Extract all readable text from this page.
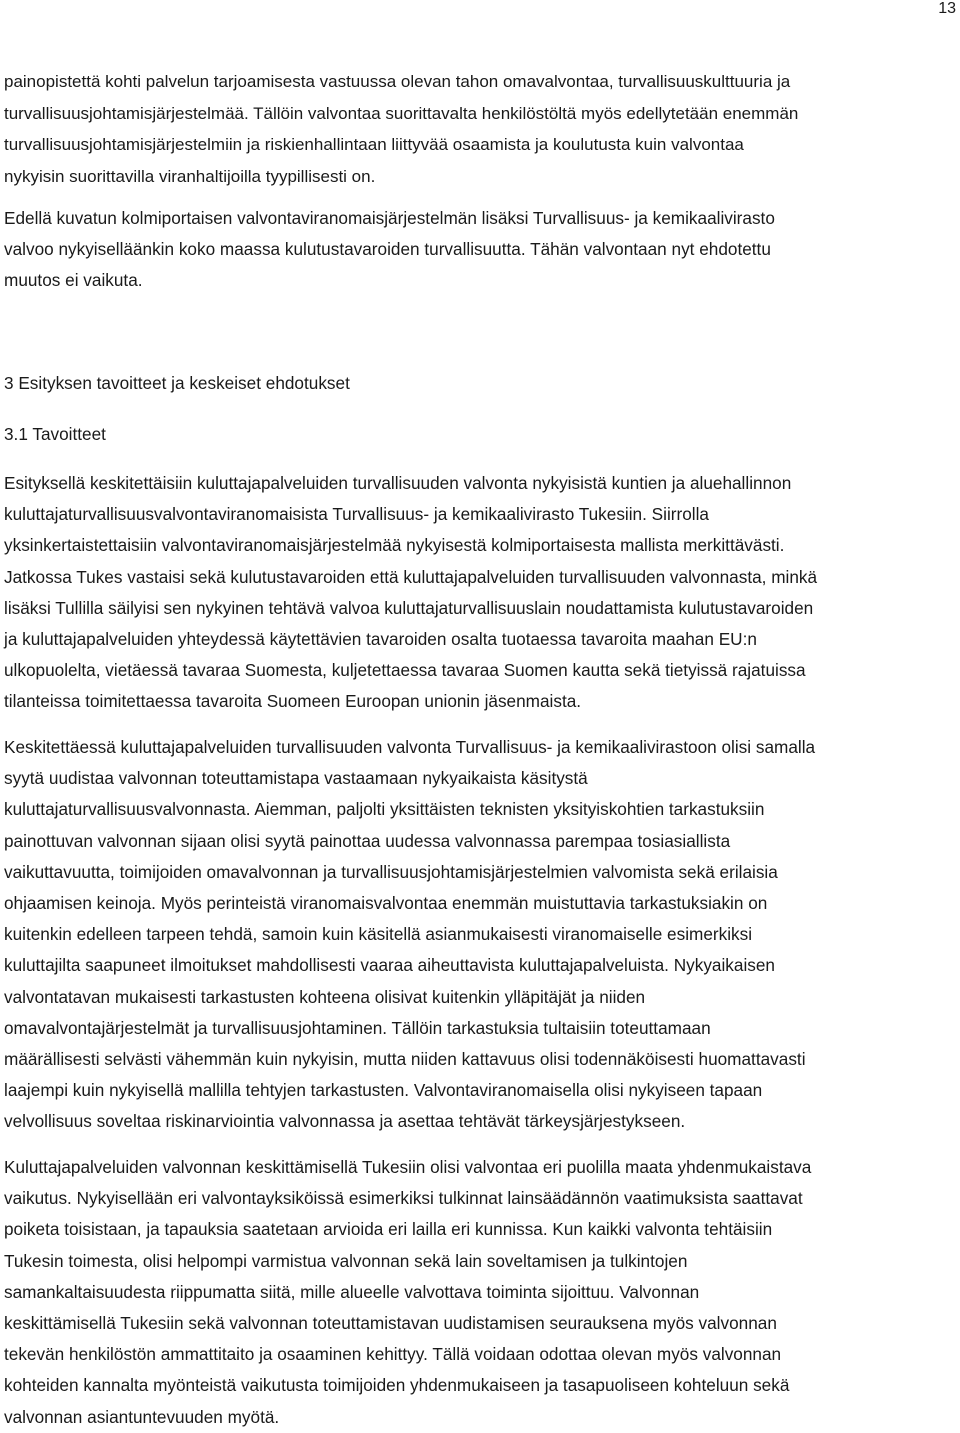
13

painopistettä kohti palvelun tarjoamisesta vastuussa olevan tahon omavalvontaa, turvallisuuskulttuuria ja
turvallisuusjohtamisjärjestelmää. Tällöin valvontaa suorittavalta henkilöstöltä myös edellytetään enemmän
turvallisuusjohtamisjärjestelmiin ja riskienhallintaan liittyvää osaamista ja koulutusta kuin valvontaa
nykyisin suorittavilla viranhaltijoilla tyypillisesti on.

Edellä kuvatun kolmiportaisen valvontaviranomaisjärjestelmän lisäksi Turvallisuus- ja kemikaalivirasto
valvoo nykyiselläänkin koko maassa kulutustavaroiden turvallisuutta. Tähän valvontaan nyt ehdotettu
muutos ei vaikuta.

3 Esityksen tavoitteet ja keskeiset ehdotukset
3.1 Tavoitteet

Esityksellä keskitettäisiin kuluttajapalveluiden turvallisuuden valvonta nykyisistä kuntien ja aluehallinnon
kuluttajaturvallisuusvalvontaviranomaisista Turvallisuus- ja kemikaalivirasto Tukesiin. Siirrolla
yksinkertaistettaisiin valvontaviranomaisjärjestelmää nykyisestä kolmiportaisesta mallista merkittävästi.
Jatkossa Tukes vastaisi sekä kulutustavaroiden että kuluttajapalveluiden turvallisuuden valvonnasta, minkä
lisäksi Tullilla säilyisi sen nykyinen tehtävä valvoa kuluttajaturvallisuuslain noudattamista kulutustavaroiden
ja kuluttajapalveluiden yhteydessä käytettävien tavaroiden osalta tuotaessa tavaroita maahan EU:n
ulkopuolelta, vietäessä tavaraa Suomesta, kuljetettaessa tavaraa Suomen kautta sekä tietyissä rajatuissa
tilanteissa toimitettaessa tavaroita Suomeen Euroopan unionin jäsenmaista.

Keskitettäessä kuluttajapalveluiden turvallisuuden valvonta Turvallisuus- ja kemikaalivirastoon olisi samalla
syytä uudistaa valvonnan toteuttamistapa vastaamaan nykyaikaista käsitystä
kuluttajaturvallisuusvalvonnasta. Aiemman, paljolti yksittäisten teknisten yksityiskohtien tarkastuksiin
painottuvan valvonnan sijaan olisi syytä painottaa uudessa valvonnassa parempaa tosiasiallista
vaikuttavuutta, toimijoiden omavalvonnan ja turvallisuusjohtamisjärjestelmien valvomista sekä erilaisia
ohjaamisen keinoja. Myös perinteistä viranomaisvalvontaa enemmän muistuttavia tarkastuksiakin on
kuitenkin edelleen tarpeen tehdä, samoin kuin käsitellä asianmukaisesti viranomaiselle esimerkiksi
kuluttajilta saapuneet ilmoitukset mahdollisesti vaaraa aiheuttavista kuluttajapalveluista. Nykyaikaisen
valvontatavan mukaisesti tarkastusten kohteena olisivat kuitenkin ylläpitäjät ja niiden
omavalvontajärjestelmät ja turvallisuusjohtaminen. Tällöin tarkastuksia tultaisiin toteuttamaan
määrällisesti selvästi vähemmän kuin nykyisin, mutta niiden kattavuus olisi todennäköisesti huomattavasti
laajempi kuin nykyisellä mallilla tehtyjen tarkastusten. Valvontaviranomaisella olisi nykyiseen tapaan
velvollisuus soveltaa riskinarviointia valvonnassa ja asettaa tehtävät tärkeysjärjestykseen.

Kuluttajapalveluiden valvonnan keskittämisellä Tukesiin olisi valvontaa eri puolilla maata yhdenmukaistava
vaikutus. Nykyisellään eri valvontayksiköissä esimerkiksi tulkinnat lainsäädännön vaatimuksista saattavat
poiketa toisistaan, ja tapauksia saatetaan arvioida eri lailla eri kunnissa. Kun kaikki valvonta tehtäisiin
Tukesin toimesta, olisi helpompi varmistua valvonnan sekä lain soveltamisen ja tulkintojen
samankaltaisuudesta riippumatta siitä, mille alueelle valvottava toiminta sijoittuu. Valvonnan
keskittämisellä Tukesiin sekä valvonnan toteuttamistavan uudistamisen seurauksena myös valvonnan
tekevän henkilöstön ammattitaito ja osaaminen kehittyy. Tällä voidaan odottaa olevan myös valvonnan
kohteiden kannalta myönteistä vaikutusta toimijoiden yhdenmukaiseen ja tasapuoliseen kohteluun sekä
valvonnan asiantuntevuuden myötä.
